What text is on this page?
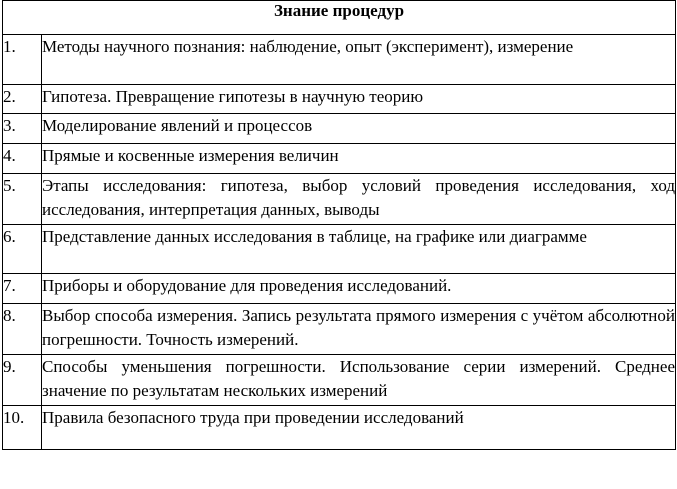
Знание процедур	
1.	Методы научного познания: наблюдение, опыт (эксперимент), измерение
2.	Гипотеза. Превращение гипотезы в научную теорию
3.	Моделирование явлений и процессов
4.	Прямые и косвенные измерения величин
5.	Этапы исследования: гипотеза, выбор условий проведения исследования, ход исследования, интерпретация данных, выводы
6.	Представление данных исследования в таблице, на графике или диаграмме
7.	Приборы и оборудование для проведения исследований.
8.	Выбор способа измерения. Запись результата прямого измерения с учётом абсолютной погрешности. Точность измерений.
9.	Способы уменьшения погрешности. Использование серии измерений. Среднее значение по результатам нескольких измерений
10.	Правила безопасного труда при проведении исследований
